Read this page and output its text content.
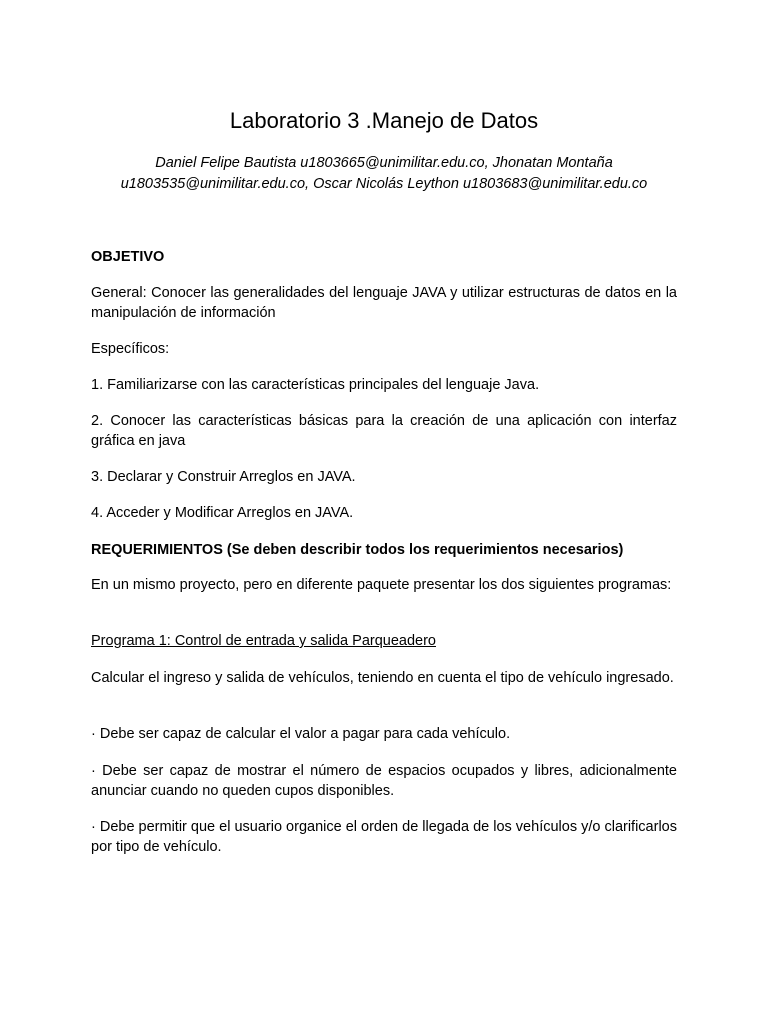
Laboratorio 3 .Manejo de Datos

Daniel Felipe Bautista u1803665@unimilitar.edu.co, Jhonatan Montaña
u1803535@unimilitar.edu.co, Oscar Nicolás Leython u1803683@unimilitar.edu.co

OBJETIVO

General: Conocer las generalidades del lenguaje JAVA y utilizar estructuras de datos en la manipulación de información

Específicos:

1. Familiarizarse con las características principales del lenguaje Java.

2. Conocer las características básicas para la creación de una aplicación con interfaz gráfica en java

3. Declarar y Construir Arreglos en JAVA.

4. Acceder y Modificar Arreglos en JAVA.

REQUERIMIENTOS (Se deben describir todos los requerimientos necesarios)

En un mismo proyecto, pero en diferente paquete presentar los dos siguientes programas:

Programa 1: Control de entrada y salida Parqueadero

Calcular el ingreso y salida de vehículos, teniendo en cuenta el tipo de vehículo ingresado.

· Debe ser capaz de calcular el valor a pagar para cada vehículo.

· Debe ser capaz de mostrar el número de espacios ocupados y libres, adicionalmente anunciar cuando no queden cupos disponibles.

· Debe permitir que el usuario organice el orden de llegada de los vehículos y/o clarificarlos por tipo de vehículo.
